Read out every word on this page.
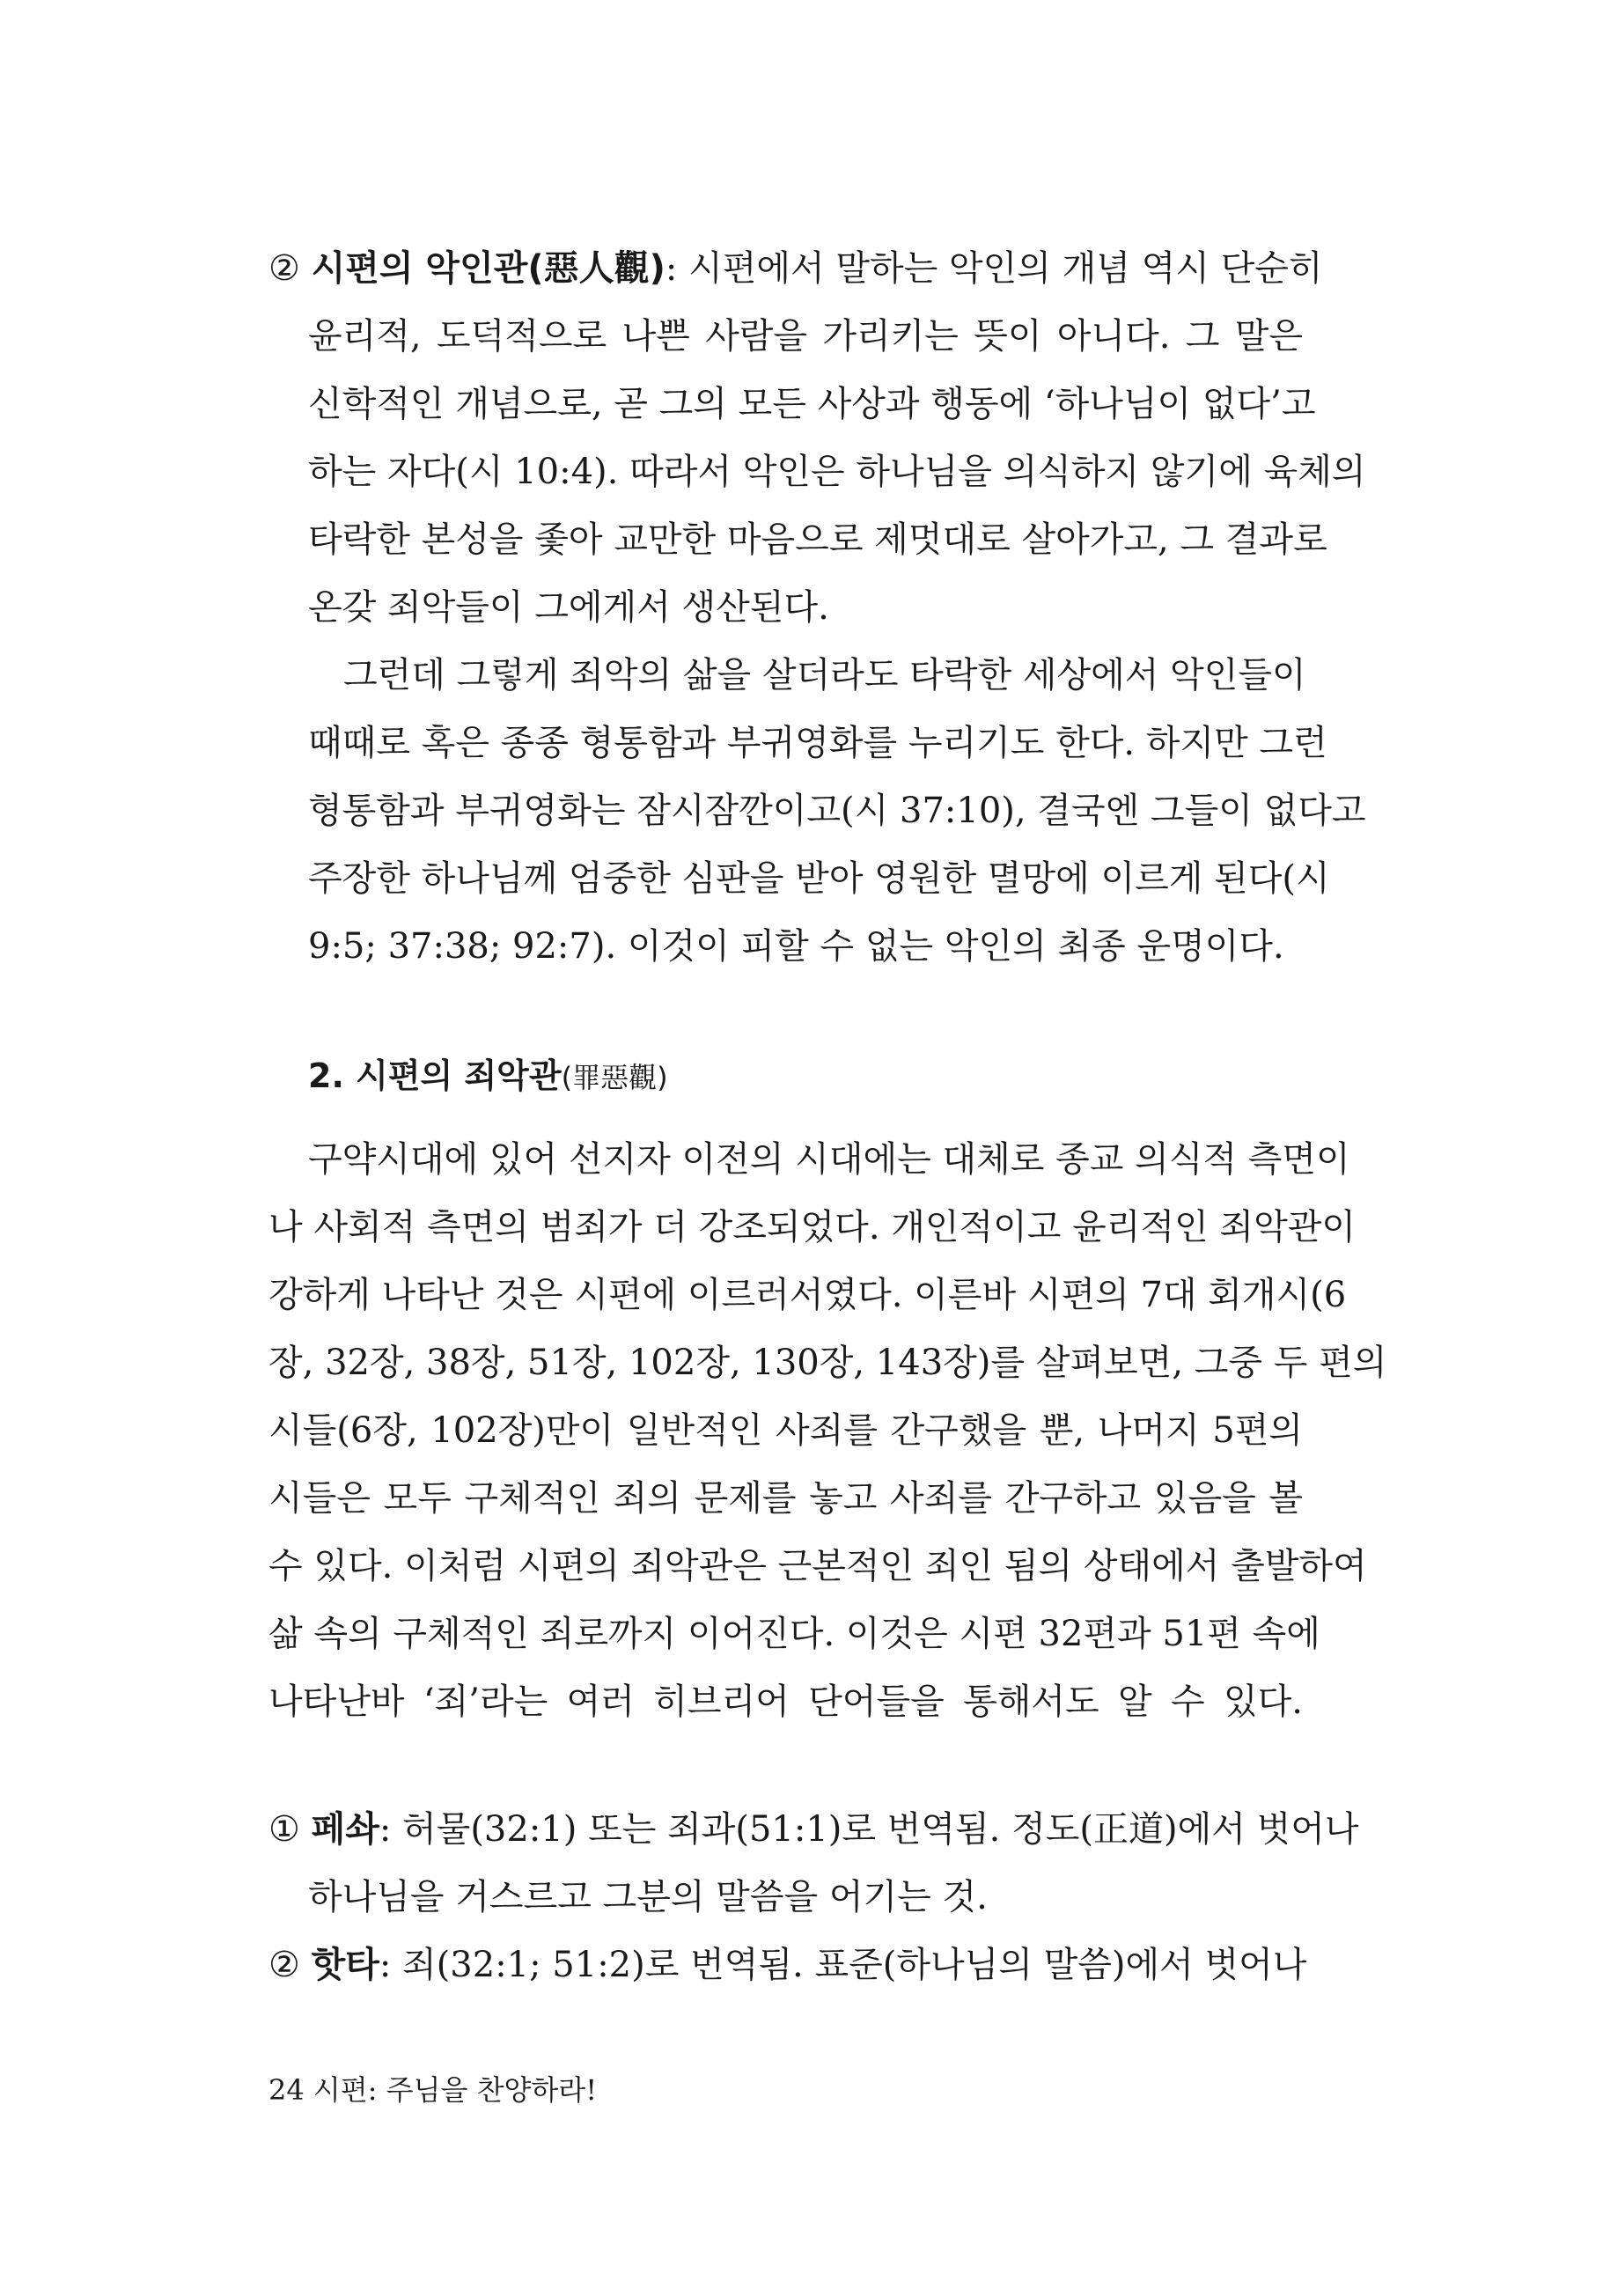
② 시편의 악인관(惡人觀): 시편에서 말하는 악인의 개념 역시 단순히
윤리적, 도덕적으로 나쁜 사람을 가리키는 뜻이 아니다. 그 말은
신학적인 개념으로, 곧 그의 모든 사상과 행동에 ‘하나님이 없다’고
하는 자다(시 10:4). 따라서 악인은 하나님을 의식하지 않기에 육체의
타락한 본성을 좇아 교만한 마음으로 제멋대로 살아가고, 그 결과로
온갖 죄악들이 그에게서 생산된다.
그런데 그렇게 죄악의 삶을 살더라도 타락한 세상에서 악인들이
때때로 혹은 종종 형통함과 부귀영화를 누리기도 한다. 하지만 그런
형통함과 부귀영화는 잠시잠깐이고(시 37:10), 결국엔 그들이 없다고
주장한 하나님께 엄중한 심판을 받아 영원한 멸망에 이르게 된다(시
9:5; 37:38; 92:7). 이것이 피할 수 없는 악인의 최종 운명이다.
2. 시편의 죄악관(罪惡觀)
구약시대에 있어 선지자 이전의 시대에는 대체로 종교 의식적 측면이
나 사회적 측면의 범죄가 더 강조되었다. 개인적이고 윤리적인 죄악관이
강하게 나타난 것은 시편에 이르러서였다. 이른바 시편의 7대 회개시(6
장, 32장, 38장, 51장, 102장, 130장, 143장)를 살펴보면, 그중 두 편의
시들(6장, 102장)만이 일반적인 사죄를 간구했을 뿐, 나머지 5편의
시들은 모두 구체적인 죄의 문제를 놓고 사죄를 간구하고 있음을 볼
수 있다. 이처럼 시편의 죄악관은 근본적인 죄인 됨의 상태에서 출발하여
삶 속의 구체적인 죄로까지 이어진다. 이것은 시편 32편과 51편 속에
나타난바 ‘죄’라는 여러 히브리어 단어들을 통해서도 알 수 있다.
① 페솨: 허물(32:1) 또는 죄과(51:1)로 번역됨. 정도(正道)에서 벗어나
하나님을 거스르고 그분의 말씀을 어기는 것.
② 핫타: 죄(32:1; 51:2)로 번역됨. 표준(하나님의 말씀)에서 벗어나
24 시편: 주님을 찬양하라!
